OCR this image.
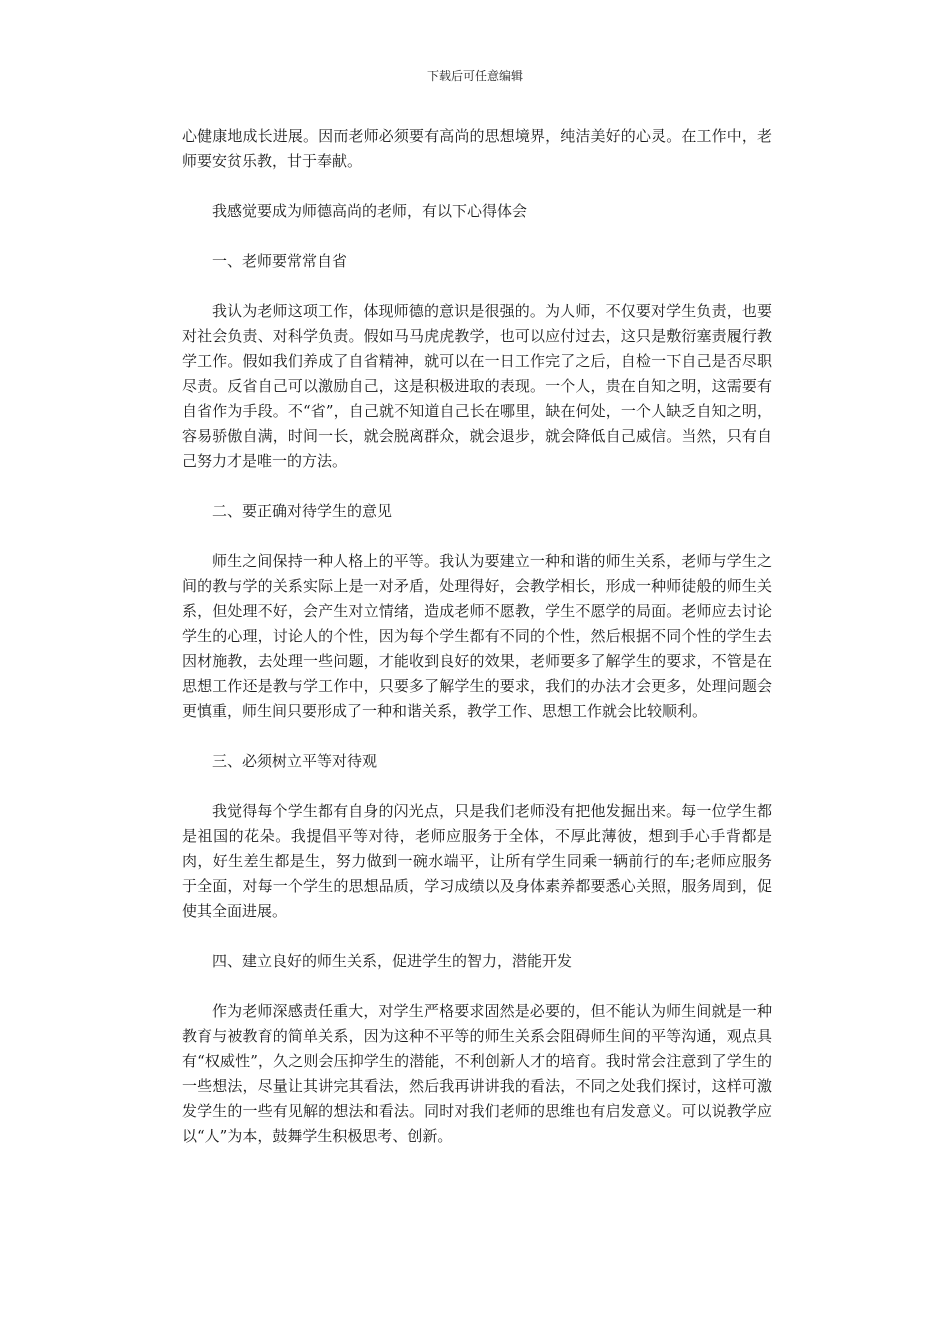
下载后可任意编辑

心健康地成长进展。因而老师必须要有高尚的思想境界，纯洁美好的心灵。在工作中，老师要安贫乐教，甘于奉献。

我感觉要成为师德高尚的老师，有以下心得体会

一、老师要常常自省

我认为老师这项工作，体现师德的意识是很强的。为人师，不仅要对学生负责，也要对社会负责、对科学负责。假如马马虎虎教学，也可以应付过去，这只是敷衍塞责履行教学工作。假如我们养成了自省精神，就可以在一日工作完了之后，自检一下自己是否尽职尽责。反省自己可以激励自己，这是积极进取的表现。一个人，贵在自知之明，这需要有自省作为手段。不“省”，自己就不知道自己长在哪里，缺在何处，一个人缺乏自知之明，容易骄傲自满，时间一长，就会脱离群众，就会退步，就会降低自己威信。当然，只有自己努力才是唯一的方法。

二、要正确对待学生的意见

师生之间保持一种人格上的平等。我认为要建立一种和谐的师生关系，老师与学生之间的教与学的关系实际上是一对矛盾，处理得好，会教学相长，形成一种师徒般的师生关系，但处理不好，会产生对立情绪，造成老师不愿教，学生不愿学的局面。老师应去讨论学生的心理，讨论人的个性，因为每个学生都有不同的个性，然后根据不同个性的学生去因材施教，去处理一些问题，才能收到良好的效果，老师要多了解学生的要求，不管是在思想工作还是教与学工作中，只要多了解学生的要求，我们的办法才会更多，处理问题会更慎重，师生间只要形成了一种和谐关系，教学工作、思想工作就会比较顺利。

三、必须树立平等对待观

我觉得每个学生都有自身的闪光点，只是我们老师没有把他发掘出来。每一位学生都是祖国的花朵。我提倡平等对待，老师应服务于全体，不厚此薄彼，想到手心手背都是肉，好生差生都是生，努力做到一碗水端平，让所有学生同乘一辆前行的车;老师应服务于全面，对每一个学生的思想品质，学习成绩以及身体素养都要悉心关照，服务周到，促使其全面进展。

四、建立良好的师生关系，促进学生的智力，潜能开发

作为老师深感责任重大，对学生严格要求固然是必要的，但不能认为师生间就是一种教育与被教育的简单关系，因为这种不平等的师生关系会阻碍师生间的平等沟通，观点具有“权威性”，久之则会压抑学生的潜能，不利创新人才的培育。我时常会注意到了学生的一些想法，尽量让其讲完其看法，然后我再讲讲我的看法，不同之处我们探讨，这样可激发学生的一些有见解的想法和看法。同时对我们老师的思维也有启发意义。可以说教学应以“人”为本，鼓舞学生积极思考、创新。
